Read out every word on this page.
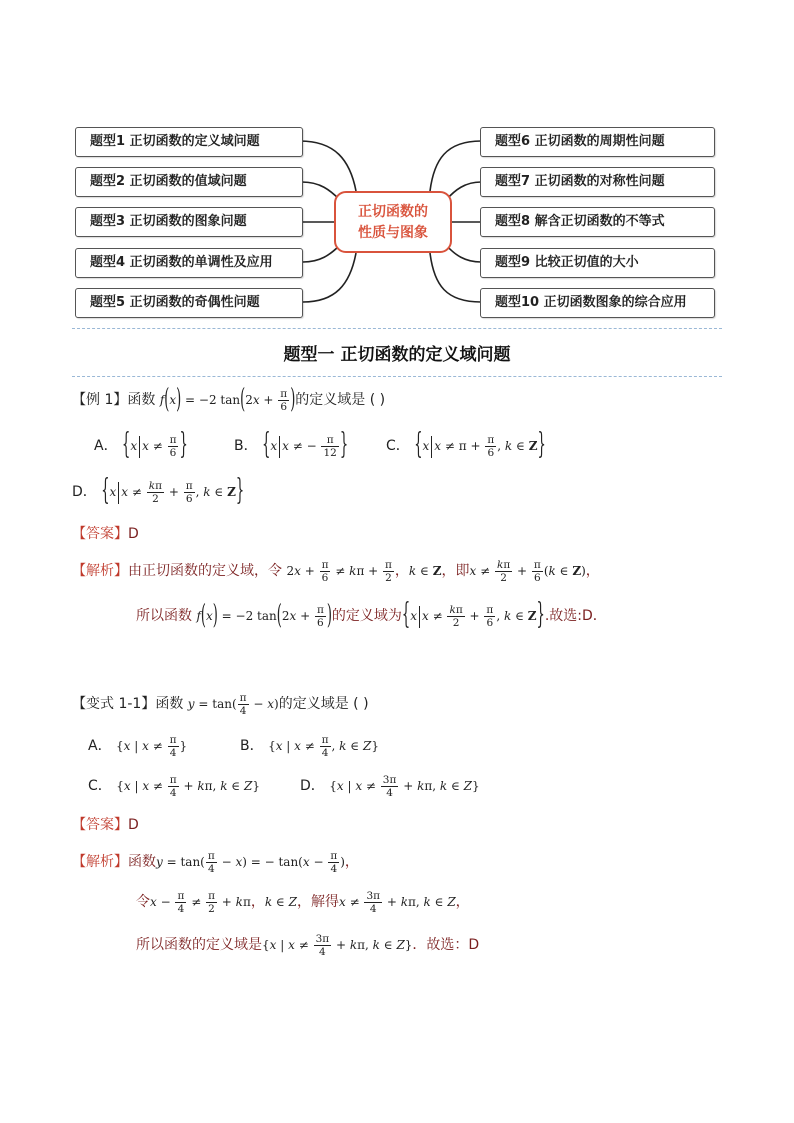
题型1 正切函数的定义域问题
题型2 正切函数的值域问题
题型3 正切函数的图象问题
题型4 正切函数的单调性及应用
题型5 正切函数的奇偶性问题
题型6 正切函数的周期性问题
题型7 正切函数的对称性问题
题型8 解含正切函数的不等式
题型9 比较正切值的大小
题型10 正切函数图象的综合应用
正切函数的
性质与图象
题型一 正切函数的定义域问题
【例 1】函数 f(x) = −2 $\tan(2x + \frac{\pi}{6}$ )的定义域是 ( )
A． {x $x \ne \frac{\pi}{6}$ }	B． {x x ≠ − $\frac{\pi}{12}$ }	C． {x $x \ne \pi + \frac{\pi}{6}$ , k ∈ Z}
D． {x $x \ne \frac{k\pi}{2} + \frac{\pi}{6}$ , k ∈ Z}
【答案】D
【解析】由正切函数的定义域，令 $2x + \frac{\pi}{6} \ne k\pi + \frac{\pi}{2}$ ，k ∈ Z，即$x \ne \frac{k\pi}{2} + \frac{\pi}{6} (k$ ∈ Z)，
所以函数 f(x) = −2 $\tan(2x + \frac{\pi}{6}$ )的定义域为{x $x \ne \frac{k\pi}{2} + \frac{\pi}{6}$ , k ∈ Z}.故选:D．
【变式 1-1】函数 $y = \tan( \frac{\pi}{4} - x)$的定义域是 ( )
A． {x | $x \ne \frac{\pi}{4}$ }	B． {x | $x \ne \frac{\pi}{4}$ , k ∈ Z}
C． {x | $x \ne \frac{\pi}{4} + k\pi$, k ∈ Z}	D． {x | $x \ne \frac{3\pi}{4} + k\pi$, k ∈ Z}
【答案】D
【解析】函数$y = \tan( \frac{\pi}{4} - x)$ = − $\tan(x - \frac{\pi}{4}$ )，
令$x - \frac{\pi}{4} \ne \frac{\pi}{2} + k\pi$，k ∈ Z，解得$x \ne \frac{3\pi}{4} + k\pi$, k ∈ Z，
所以函数的定义域是{x | $x \ne \frac{3\pi}{4} + k\pi$, k ∈ Z}．故选：D
